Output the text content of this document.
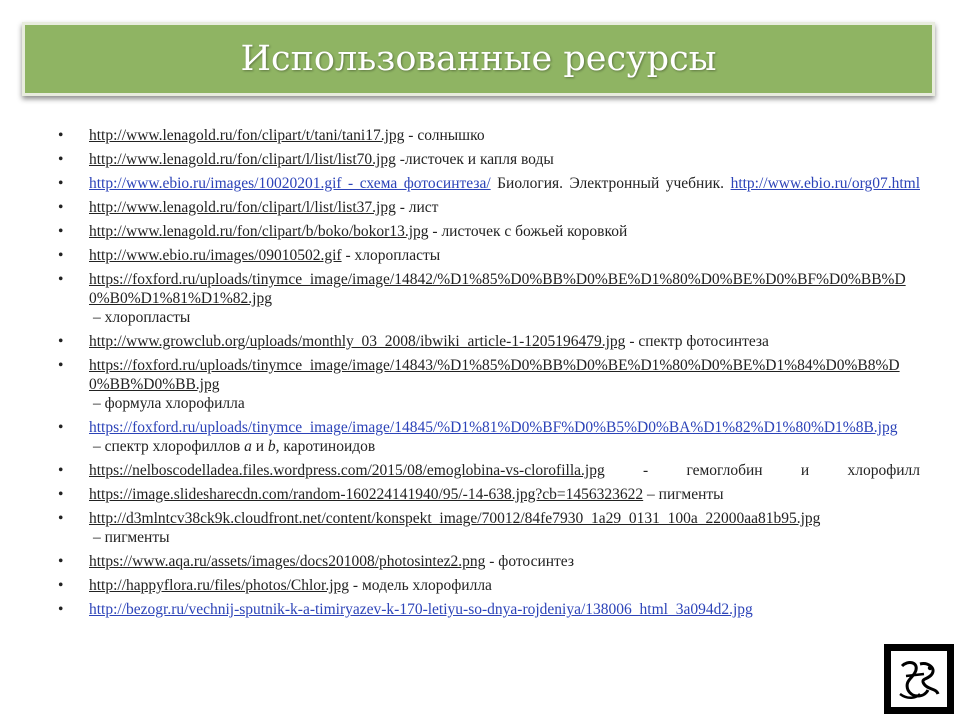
Использованные ресурсы
• http://www.lenagold.ru/fon/clipart/t/tani/tani17.jpg - солнышко
• http://www.lenagold.ru/fon/clipart/l/list/list70.jpg -листочек и капля воды
• http://www.ebio.ru/images/10020201.gif - схема фотосинтеза/ Биология. Электронный учебник. http://www.ebio.ru/org07.html
• http://www.lenagold.ru/fon/clipart/l/list/list37.jpg - лист
• http://www.lenagold.ru/fon/clipart/b/boko/bokor13.jpg - листочек с божьей коровкой
• http://www.ebio.ru/images/09010502.gif - хлоропласты
• https://foxford.ru/uploads/tinymce_image/image/14842/%D1%85%D0%BB%D0%BE%D1%80%D0%BE%D0%BF%D0%BB%D0%B0%D1%81%D1%82.jpg
– хлоропласты
• http://www.growclub.org/uploads/monthly_03_2008/ibwiki_article-1-1205196479.jpg - спектр фотосинтеза
• https://foxford.ru/uploads/tinymce_image/image/14843/%D1%85%D0%BB%D0%BE%D1%80%D0%BE%D1%84%D0%B8%D0%BB%D0%BB.jpg
– формула хлорофилла
• https://foxford.ru/uploads/tinymce_image/image/14845/%D1%81%D0%BF%D0%B5%D0%BA%D1%82%D1%80%D1%8B.jpg
– спектр хлорофиллов a и b, каротиноидов
• https://nelboscodelladea.files.wordpress.com/2015/08/emoglobina-vs-clorofilla.jpg - гемоглобин и хлорофилл
• https://image.slidesharecdn.com/random-160224141940/95/-14-638.jpg?cb=1456323622 – пигменты
• http://d3mlntcv38ck9k.cloudfront.net/content/konspekt_image/70012/84fe7930_1a29_0131_100a_22000aa81b95.jpg
– пигменты
• https://www.aqa.ru/assets/images/docs201008/photosintez2.png - фотосинтез
• http://happyflora.ru/files/photos/Chlor.jpg - модель хлорофилла
• http://bezogr.ru/vechnij-sputnik-k-a-timiryazev-k-170-letiyu-so-dnya-rojdeniya/138006_html_3a094d2.jpg
